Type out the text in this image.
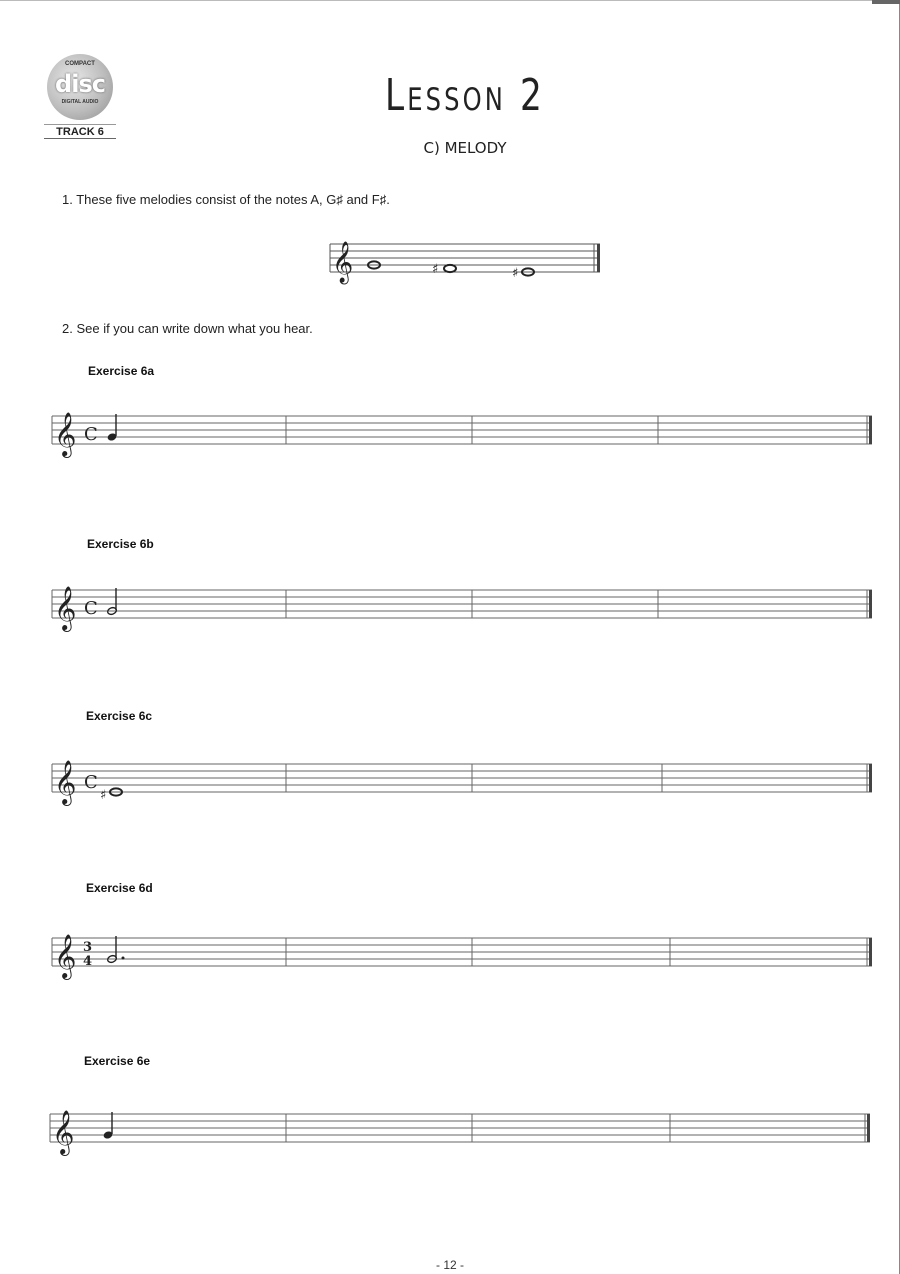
COMPACT
disc
DIGITAL AUDIO
TRACK 6
Lesson 2
C) MELODY
1. These five melodies consist of the notes A, G♯ and F♯.
𝄞	♯	♯
2. See if you can write down what you hear.
Exercise 6a
𝄞 C
Exercise 6b
𝄞 C
Exercise 6c
𝄞 C
♯
Exercise 6d
𝄞 3
4
Exercise 6e
𝄞
- 12 -
